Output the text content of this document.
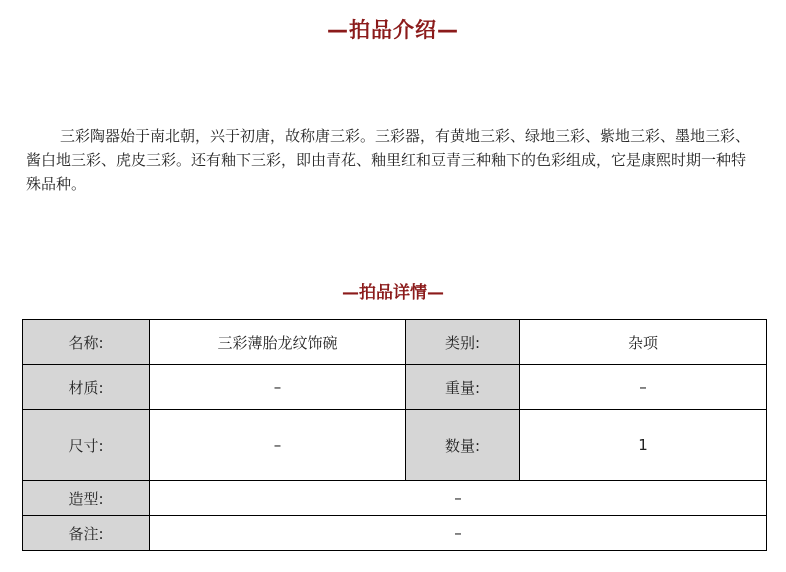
—拍品介绍—

三彩陶器始于南北朝，兴于初唐，故称唐三彩。三彩器，有黄地三彩、绿地三彩、紫地三彩、墨地三彩、酱白地三彩、虎皮三彩。还有釉下三彩，即由青花、釉里红和豆青三种釉下的色彩组成，它是康熙时期一种特殊品种。

—拍品详情—
名称:	三彩薄胎龙纹饰碗	类别:	杂项
材质:	–	重量:	–
尺寸:	–	数量:	1
造型:	–		
备注:	–		
